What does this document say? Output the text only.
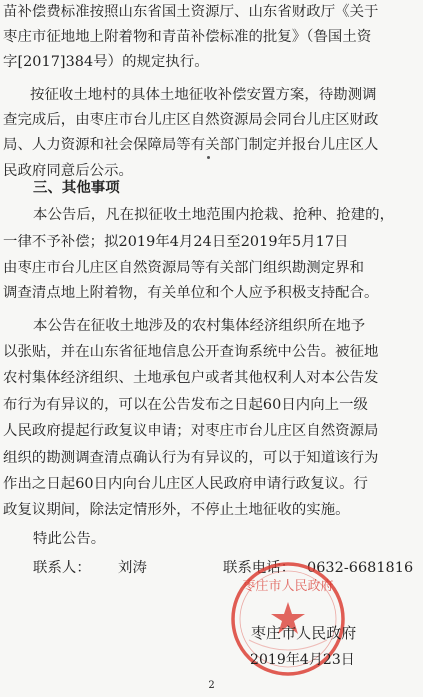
苗补偿费标准按照山东省国土资源厅、山东省财政厅《关于
枣庄市征地地上附着物和青苗补偿标准的批复》（鲁国土资
字[2017]384号）的规定执行。
按征收土地村的具体土地征收补偿安置方案，待勘测调
查完成后，由枣庄市台儿庄区自然资源局会同台儿庄区财政
局、人力资源和社会保障局等有关部门制定并报台儿庄区人
民政府同意后公示。
三、其他事项
本公告后，凡在拟征收土地范围内抢栽、抢种、抢建的，
一律不予补偿；拟2019年4月24日至2019年5月17日
由枣庄市台儿庄区自然资源局等有关部门组织勘测定界和
调查清点地上附着物，有关单位和个人应予积极支持配合。
本公告在征收土地涉及的农村集体经济组织所在地予
以张贴，并在山东省征地信息公开查询系统中公告。被征地
农村集体经济组织、土地承包户或者其他权利人对本公告发
布行为有异议的，可以在公告发布之日起60日内向上一级
人民政府提起行政复议申请；对枣庄市台儿庄区自然资源局
组织的勘测调查清点确认行为有异议的，可以于知道该行为
作出之日起60日内向台儿庄区人民政府申请行政复议。行
政复议期间，除法定情形外，不停止土地征收的实施。
特此公告。
联系人：	刘涛	联系电话： 0632-6681816
枣庄市人民政府
枣庄市人民政府
2019年4月23日
2
